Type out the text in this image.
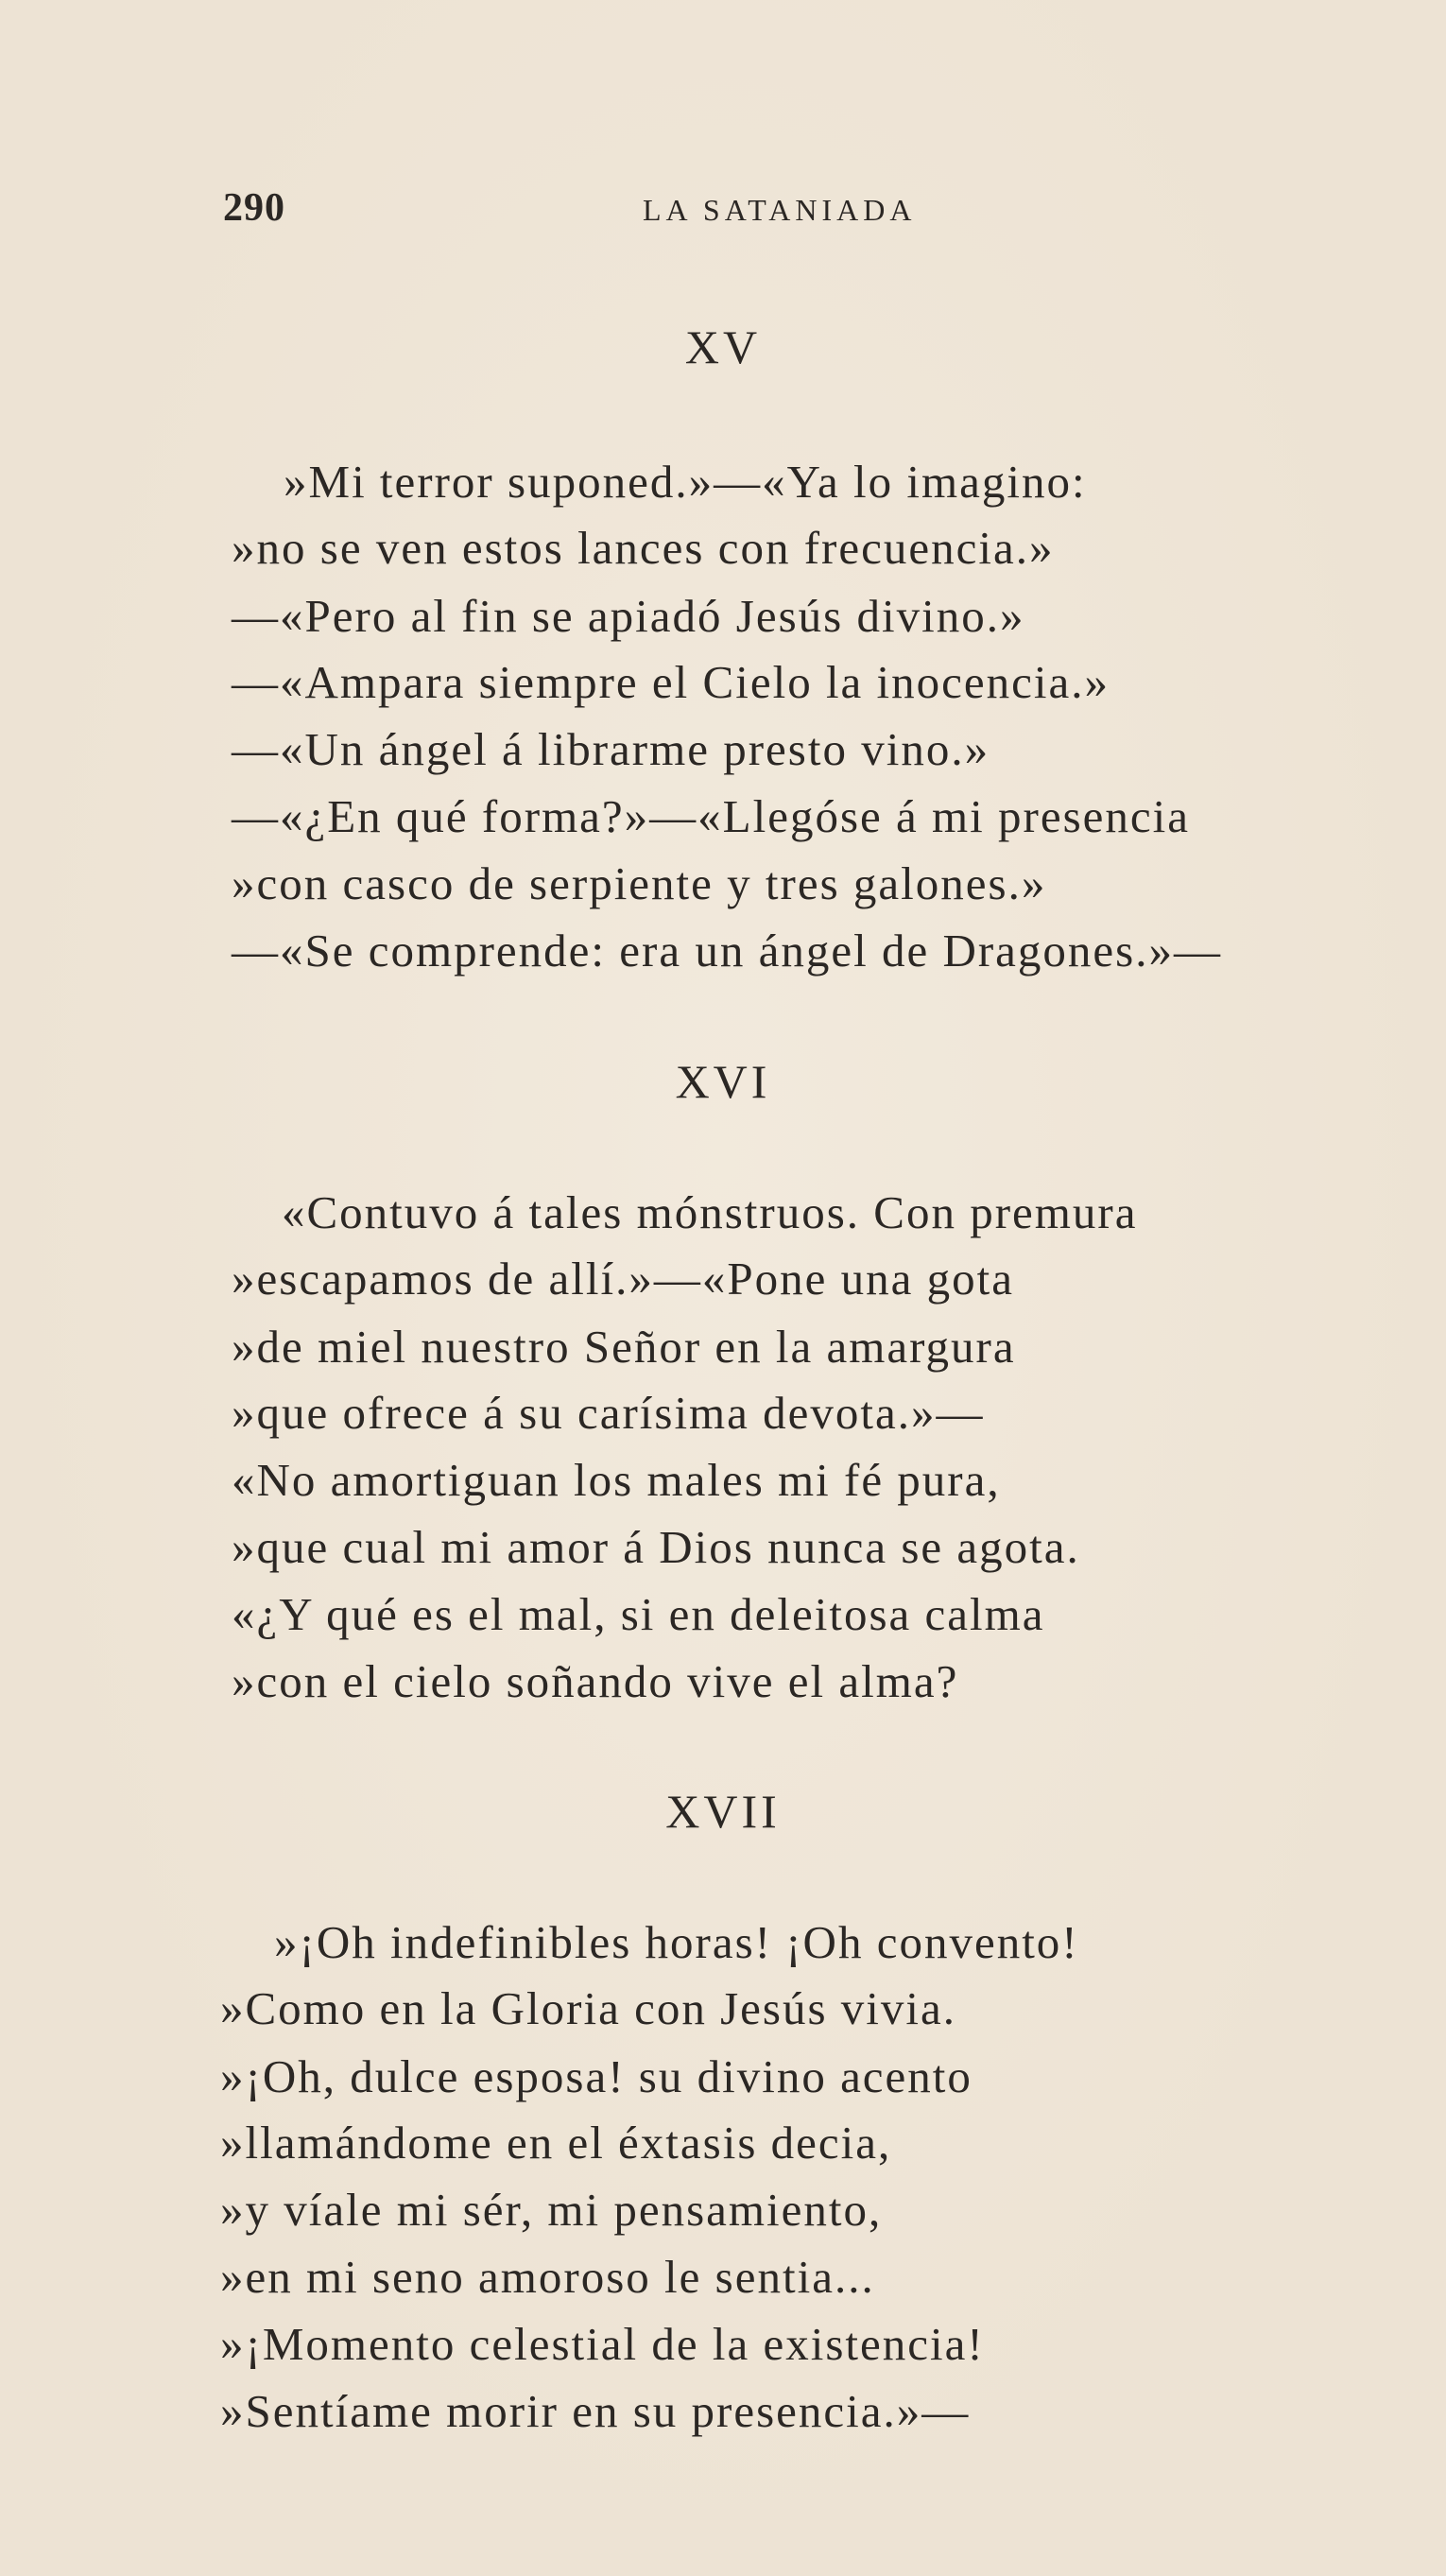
290	LA SATANIADA
XV
»Mi terror suponed.»—«Ya lo imagino:
»no se ven estos lances con frecuencia.»
—«Pero al fin se apiadó Jesús divino.»
—«Ampara siempre el Cielo la inocencia.»
—«Un ángel á librarme presto vino.»
—«¿En qué forma?»—«Llegóse á mi presencia
»con casco de serpiente y tres galones.»
—«Se comprende: era un ángel de Dragones.»—
XVI
«Contuvo á tales mónstruos. Con premura
»escapamos de allí.»—«Pone una gota
»de miel nuestro Señor en la amargura
»que ofrece á su carísima devota.»—
«No amortiguan los males mi fé pura,
»que cual mi amor á Dios nunca se agota.
«¿Y qué es el mal, si en deleitosa calma
»con el cielo soñando vive el alma?
XVII
»¡Oh indefinibles horas! ¡Oh convento!
»Como en la Gloria con Jesús vivia.
»¡Oh, dulce esposa! su divino acento
»llamándome en el éxtasis decia,
»y víale mi sér, mi pensamiento,
»en mi seno amoroso le sentia...
»¡Momento celestial de la existencia!
»Sentíame morir en su presencia.»—
